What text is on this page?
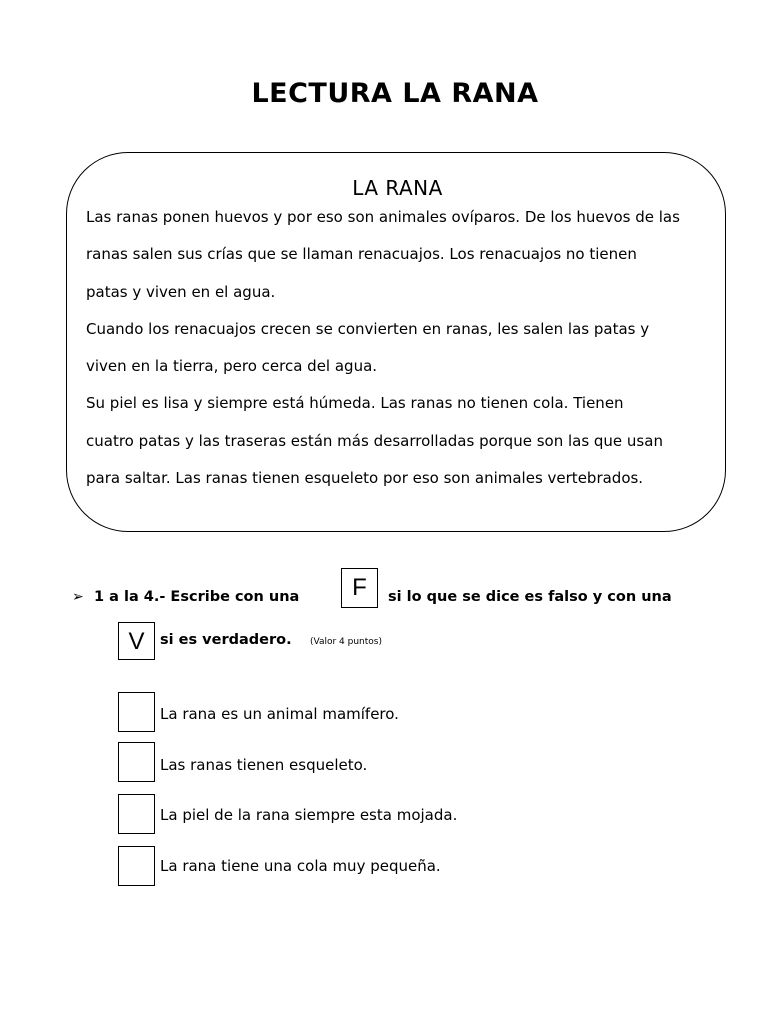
LECTURA LA RANA
LA RANA

Las ranas ponen huevos y por eso son animales ovíparos. De los huevos de las

ranas salen sus crías que se llaman renacuajos. Los renacuajos no tienen

patas y viven en el agua.

Cuando los renacuajos crecen se convierten en ranas, les salen las patas y

viven en la tierra, pero cerca del agua.

Su piel es lisa y siempre está húmeda. Las ranas no tienen cola. Tienen

cuatro patas y las traseras están más desarrolladas porque son las que usan

para saltar. Las ranas tienen esqueleto por eso son animales vertebrados.

➢ 1 a la 4.- Escribe con una	F	si lo que se dice es falso y con una
V	si es verdadero. (Valor 4 puntos)
La rana es un animal mamífero.
Las ranas tienen esqueleto.
La piel de la rana siempre esta mojada.
La rana tiene una cola muy pequeña.
